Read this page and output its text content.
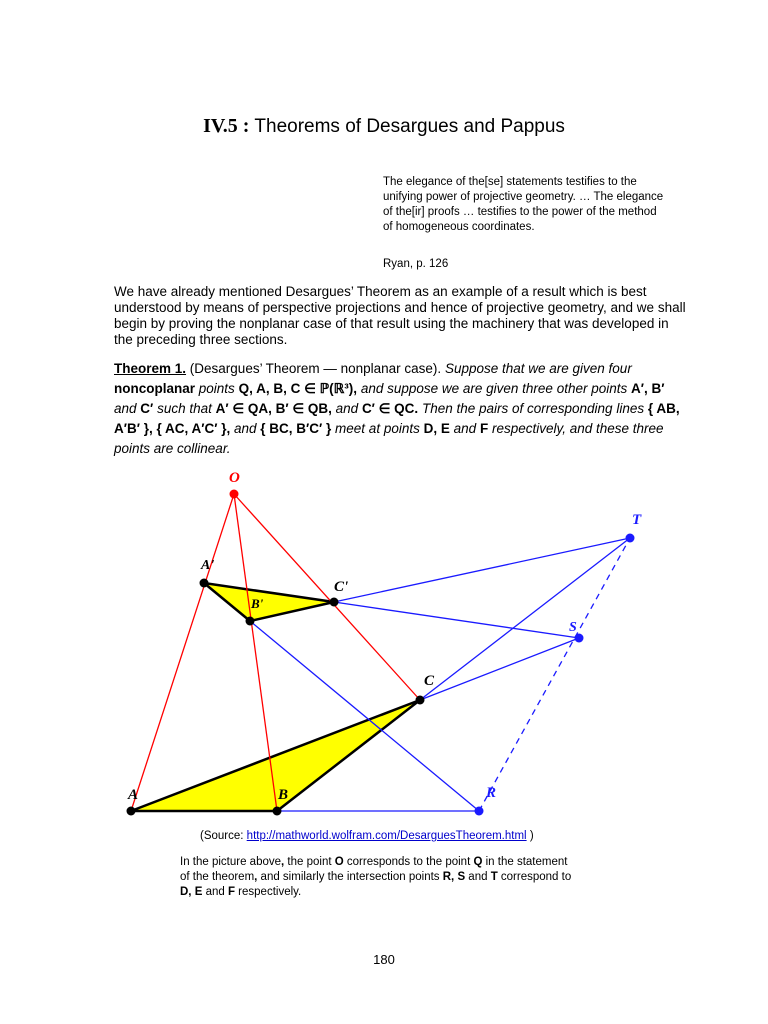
IV.5 : Theorems of Desargues and Pappus
The elegance of the[se] statements testifies to the unifying power of projective geometry. … The elegance of the[ir] proofs … testifies to the power of the method of homogeneous coordinates.
Ryan, p. 126
We have already mentioned Desargues’ Theorem as an example of a result which is best understood by means of perspective projections and hence of projective geometry, and we shall begin by proving the nonplanar case of that result using the machinery that was developed in the preceding three sections.
Theorem 1. (Desargues’ Theorem — nonplanar case). Suppose that we are given four noncoplanar points Q, A, B, C ∈ ℙ(ℝ³), and suppose we are given three other points A′, B′ and C′ such that A′ ∈ QA, B′ ∈ QB, and C′ ∈ QC. Then the pairs of corresponding lines { AB, A′B′ }, { AC, A′C′ }, and { BC, B′C′ } meet at points D, E and F respectively, and these three points are collinear.
O
T
S
R
A'
B'
C'
C
A	B
(Source: http://mathworld.wolfram.com/DesarguesTheorem.html )
In the picture above, the point O corresponds to the point Q in the statement of the theorem, and similarly the intersection points R, S and T correspond to D, E and F respectively.
180
